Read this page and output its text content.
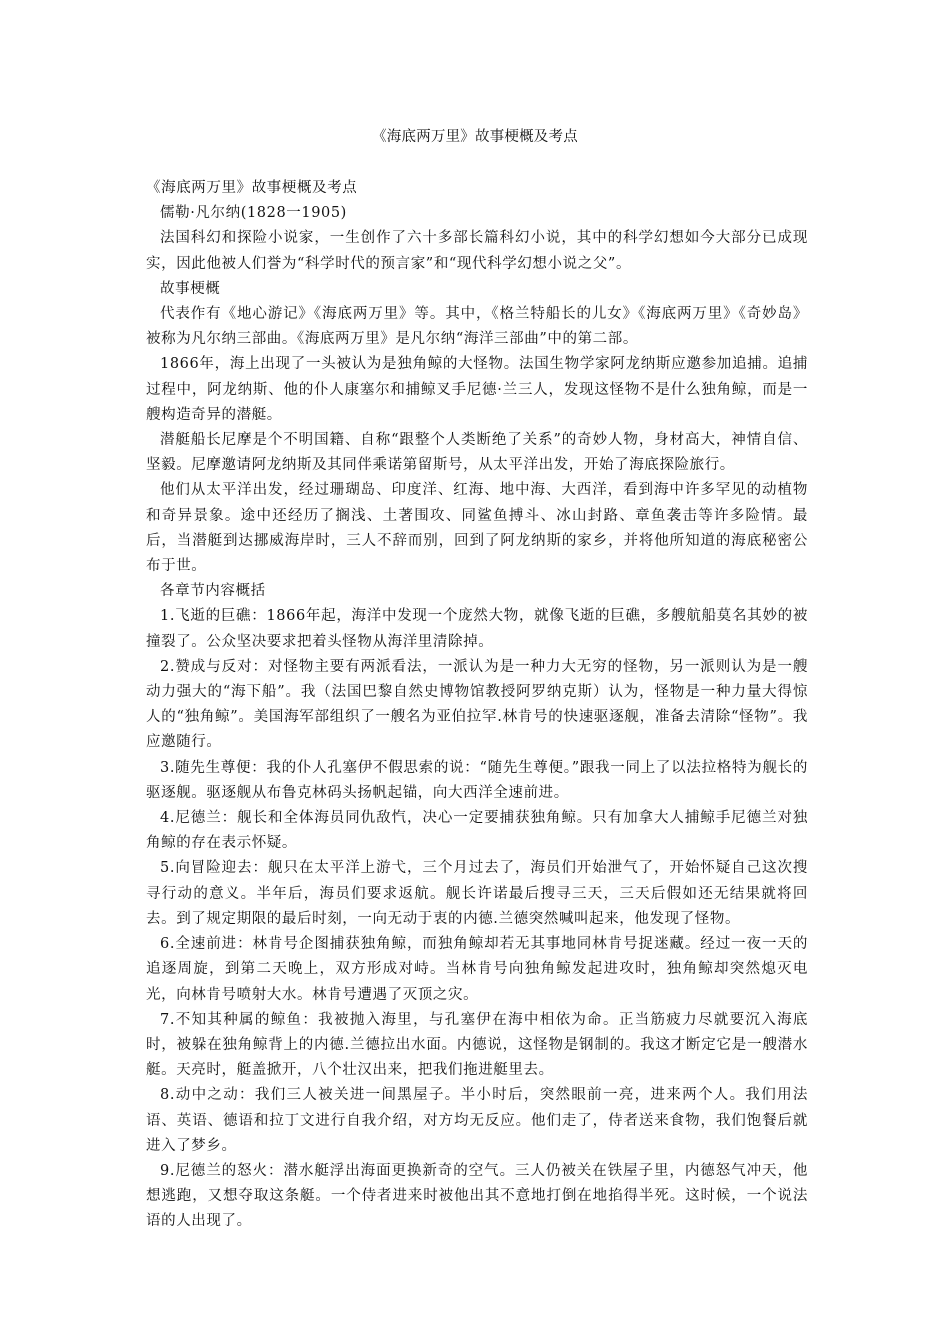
《海底两万里》故事梗概及考点

《海底两万里》故事梗概及考点

儒勒·凡尔纳(1828一1905)

法国科幻和探险小说家，一生创作了六十多部长篇科幻小说，其中的科学幻想如今大部分已成现实，因此他被人们誉为“科学时代的预言家”和“现代科学幻想小说之父”。

故事梗概

代表作有《地心游记》《海底两万里》等。其中，《格兰特船长的儿女》《海底两万里》《奇妙岛》被称为凡尔纳三部曲。《海底两万里》是凡尔纳“海洋三部曲”中的第二部。

1866年，海上出现了一头被认为是独角鲸的大怪物。法国生物学家阿龙纳斯应邀参加追捕。追捕过程中，阿龙纳斯、他的仆人康塞尔和捕鲸叉手尼德·兰三人，发现这怪物不是什么独角鲸，而是一艘构造奇异的潜艇。

潜艇船长尼摩是个不明国籍、自称“跟整个人类断绝了关系”的奇妙人物，身材高大，神情自信、坚毅。尼摩邀请阿龙纳斯及其同伴乘诺第留斯号，从太平洋出发，开始了海底探险旅行。

他们从太平洋出发，经过珊瑚岛、印度洋、红海、地中海、大西洋，看到海中许多罕见的动植物和奇异景象。途中还经历了搁浅、土著围攻、同鲨鱼搏斗、冰山封路、章鱼袭击等许多险情。最后，当潜艇到达挪威海岸时，三人不辞而别，回到了阿龙纳斯的家乡，并将他所知道的海底秘密公布于世。

各章节内容概括

1.飞逝的巨礁：1866年起，海洋中发现一个庞然大物，就像飞逝的巨礁，多艘航船莫名其妙的被撞裂了。公众坚决要求把着头怪物从海洋里清除掉。

2.赞成与反对：对怪物主要有两派看法，一派认为是一种力大无穷的怪物，另一派则认为是一艘动力强大的“海下船”。我（法国巴黎自然史博物馆教授阿罗纳克斯）认为，怪物是一种力量大得惊人的“独角鲸”。美国海军部组织了一艘名为亚伯拉罕.林肯号的快速驱逐舰，准备去清除“怪物”。我应邀随行。

3.随先生尊便：我的仆人孔塞伊不假思索的说：“随先生尊便。”跟我一同上了以法拉格特为舰长的驱逐舰。驱逐舰从布鲁克林码头扬帆起锚，向大西洋全速前进。

4.尼德兰：舰长和全体海员同仇敌忾，决心一定要捕获独角鲸。只有加拿大人捕鲸手尼德兰对独角鲸的存在表示怀疑。

5.向冒险迎去：舰只在太平洋上游弋，三个月过去了，海员们开始泄气了，开始怀疑自己这次搜寻行动的意义。半年后，海员们要求返航。舰长许诺最后搜寻三天，三天后假如还无结果就将回去。到了规定期限的最后时刻，一向无动于衷的内德.兰德突然喊叫起来，他发现了怪物。

6.全速前进：林肯号企图捕获独角鲸，而独角鲸却若无其事地同林肯号捉迷藏。经过一夜一天的追逐周旋，到第二天晚上，双方形成对峙。当林肯号向独角鲸发起进攻时，独角鲸却突然熄灭电光，向林肯号喷射大水。林肯号遭遇了灭顶之灾。

7.不知其种属的鲸鱼：我被抛入海里，与孔塞伊在海中相依为命。正当筋疲力尽就要沉入海底时，被躲在独角鲸背上的内德.兰德拉出水面。内德说，这怪物是钢制的。我这才断定它是一艘潜水艇。天亮时，艇盖掀开，八个壮汉出来，把我们拖进艇里去。

8.动中之动：我们三人被关进一间黑屋子。半小时后，突然眼前一亮，进来两个人。我们用法语、英语、德语和拉丁文进行自我介绍，对方均无反应。他们走了，侍者送来食物，我们饱餐后就进入了梦乡。

9.尼德兰的怒火：潜水艇浮出海面更换新奇的空气。三人仍被关在铁屋子里，内德怒气冲天，他想逃跑，又想夺取这条艇。一个侍者进来时被他出其不意地打倒在地掐得半死。这时候，一个说法语的人出现了。
